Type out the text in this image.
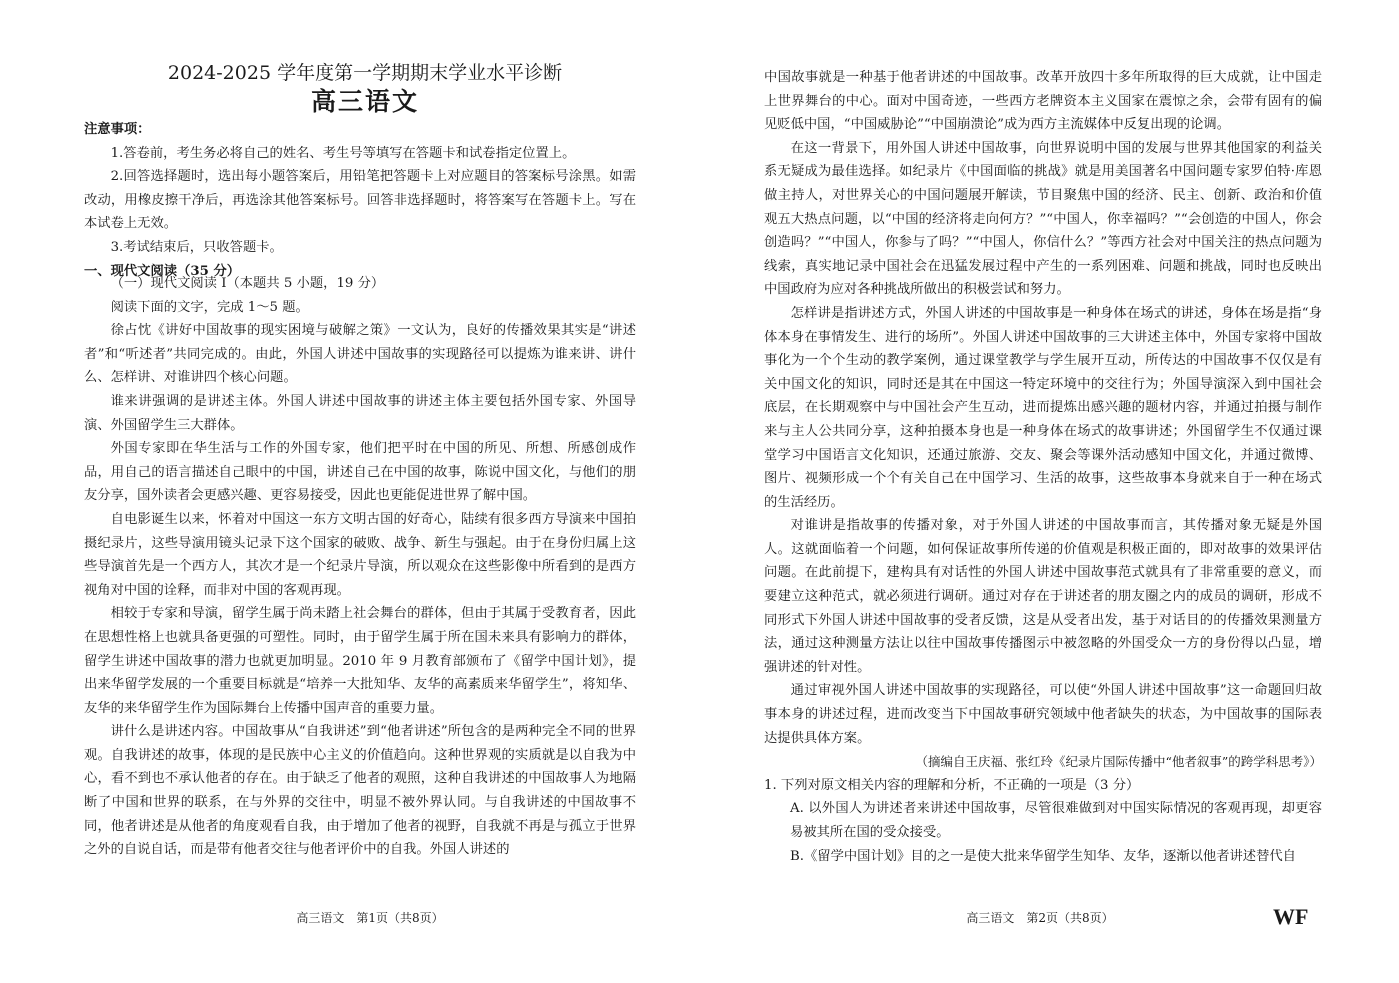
2024-2025 学年度第一学期期末学业水平诊断
高三语文

注意事项：

1.答卷前，考生务必将自己的姓名、考生号等填写在答题卡和试卷指定位置上。

2.回答选择题时，选出每小题答案后，用铅笔把答题卡上对应题目的答案标号涂黑。如需改动，用橡皮擦干净后，再选涂其他答案标号。回答非选择题时，将答案写在答题卡上。写在本试卷上无效。

3.考试结束后，只收答题卡。

一、现代文阅读（35 分）

（一）现代文阅读 Ⅰ（本题共 5 小题，19 分）

阅读下面的文字，完成 1～5 题。

徐占忱《讲好中国故事的现实困境与破解之策》一文认为，良好的传播效果其实是“讲述者”和“听述者”共同完成的。由此，外国人讲述中国故事的实现路径可以提炼为谁来讲、讲什么、怎样讲、对谁讲四个核心问题。

谁来讲强调的是讲述主体。外国人讲述中国故事的讲述主体主要包括外国专家、外国导演、外国留学生三大群体。

外国专家即在华生活与工作的外国专家，他们把平时在中国的所见、所想、所感创成作品，用自己的语言描述自己眼中的中国，讲述自己在中国的故事，陈说中国文化，与他们的朋友分享，国外读者会更感兴趣、更容易接受，因此也更能促进世界了解中国。

自电影诞生以来，怀着对中国这一东方文明古国的好奇心，陆续有很多西方导演来中国拍摄纪录片，这些导演用镜头记录下这个国家的破败、战争、新生与强起。由于在身份归属上这些导演首先是一个西方人，其次才是一个纪录片导演，所以观众在这些影像中所看到的是西方视角对中国的诠释，而非对中国的客观再现。

相较于专家和导演，留学生属于尚未踏上社会舞台的群体，但由于其属于受教育者，因此在思想性格上也就具备更强的可塑性。同时，由于留学生属于所在国未来具有影响力的群体，留学生讲述中国故事的潜力也就更加明显。2010 年 9 月教育部颁布了《留学中国计划》，提出来华留学发展的一个重要目标就是“培养一大批知华、友华的高素质来华留学生”，将知华、友华的来华留学生作为国际舞台上传播中国声音的重要力量。

讲什么是讲述内容。中国故事从“自我讲述”到“他者讲述”所包含的是两种完全不同的世界观。自我讲述的故事，体现的是民族中心主义的价值趋向。这种世界观的实质就是以自我为中心，看不到也不承认他者的存在。由于缺乏了他者的观照，这种自我讲述的中国故事人为地隔断了中国和世界的联系，在与外界的交往中，明显不被外界认同。与自我讲述的中国故事不同，他者讲述是从他者的角度观看自我，由于增加了他者的视野，自我就不再是与孤立于世界之外的自说自话，而是带有他者交往与他者评价中的自我。外国人讲述的

高三语文　第1页（共8页）

中国故事就是一种基于他者讲述的中国故事。改革开放四十多年所取得的巨大成就，让中国走上世界舞台的中心。面对中国奇迹，一些西方老牌资本主义国家在震惊之余，会带有固有的偏见贬低中国，“中国威胁论”“中国崩溃论”成为西方主流媒体中反复出现的论调。

在这一背景下，用外国人讲述中国故事，向世界说明中国的发展与世界其他国家的利益关系无疑成为最佳选择。如纪录片《中国面临的挑战》就是用美国著名中国问题专家罗伯特·库恩做主持人，对世界关心的中国问题展开解读，节目聚焦中国的经济、民主、创新、政治和价值观五大热点问题，以“中国的经济将走向何方？”“中国人，你幸福吗？”“会创造的中国人，你会创造吗？”“中国人，你参与了吗？”“中国人，你信什么？”等西方社会对中国关注的热点问题为线索，真实地记录中国社会在迅猛发展过程中产生的一系列困难、问题和挑战，同时也反映出中国政府为应对各种挑战所做出的积极尝试和努力。

怎样讲是指讲述方式，外国人讲述的中国故事是一种身体在场式的讲述，身体在场是指“身体本身在事情发生、进行的场所”。外国人讲述中国故事的三大讲述主体中，外国专家将中国故事化为一个个生动的教学案例，通过课堂教学与学生展开互动，所传达的中国故事不仅仅是有关中国文化的知识，同时还是其在中国这一特定环境中的交往行为；外国导演深入到中国社会底层，在长期观察中与中国社会产生互动，进而提炼出感兴趣的题材内容，并通过拍摄与制作来与主人公共同分享，这种拍摄本身也是一种身体在场式的故事讲述；外国留学生不仅通过课堂学习中国语言文化知识，还通过旅游、交友、聚会等课外活动感知中国文化，并通过微博、图片、视频形成一个个有关自己在中国学习、生活的故事，这些故事本身就来自于一种在场式的生活经历。

对谁讲是指故事的传播对象，对于外国人讲述的中国故事而言，其传播对象无疑是外国人。这就面临着一个问题，如何保证故事所传递的价值观是积极正面的，即对故事的效果评估问题。在此前提下，建构具有对话性的外国人讲述中国故事范式就具有了非常重要的意义，而要建立这种范式，就必须进行调研。通过对存在于讲述者的朋友圈之内的成员的调研，形成不同形式下外国人讲述中国故事的受者反馈，这是从受者出发，基于对话目的的传播效果测量方法，通过这种测量方法让以往中国故事传播图示中被忽略的外国受众一方的身份得以凸显，增强讲述的针对性。

通过审视外国人讲述中国故事的实现路径，可以使“外国人讲述中国故事”这一命题回归故事本身的讲述过程，进而改变当下中国故事研究领域中他者缺失的状态，为中国故事的国际表达提供具体方案。

（摘编自王庆福、张红玲《纪录片国际传播中“他者叙事”的跨学科思考》）

1. 下列对原文相关内容的理解和分析，不正确的一项是（3 分）

A. 以外国人为讲述者来讲述中国故事，尽管很难做到对中国实际情况的客观再现，却更容易被其所在国的受众接受。

B.《留学中国计划》目的之一是使大批来华留学生知华、友华，逐渐以他者讲述替代自

高三语文　第2页（共8页）	WF
